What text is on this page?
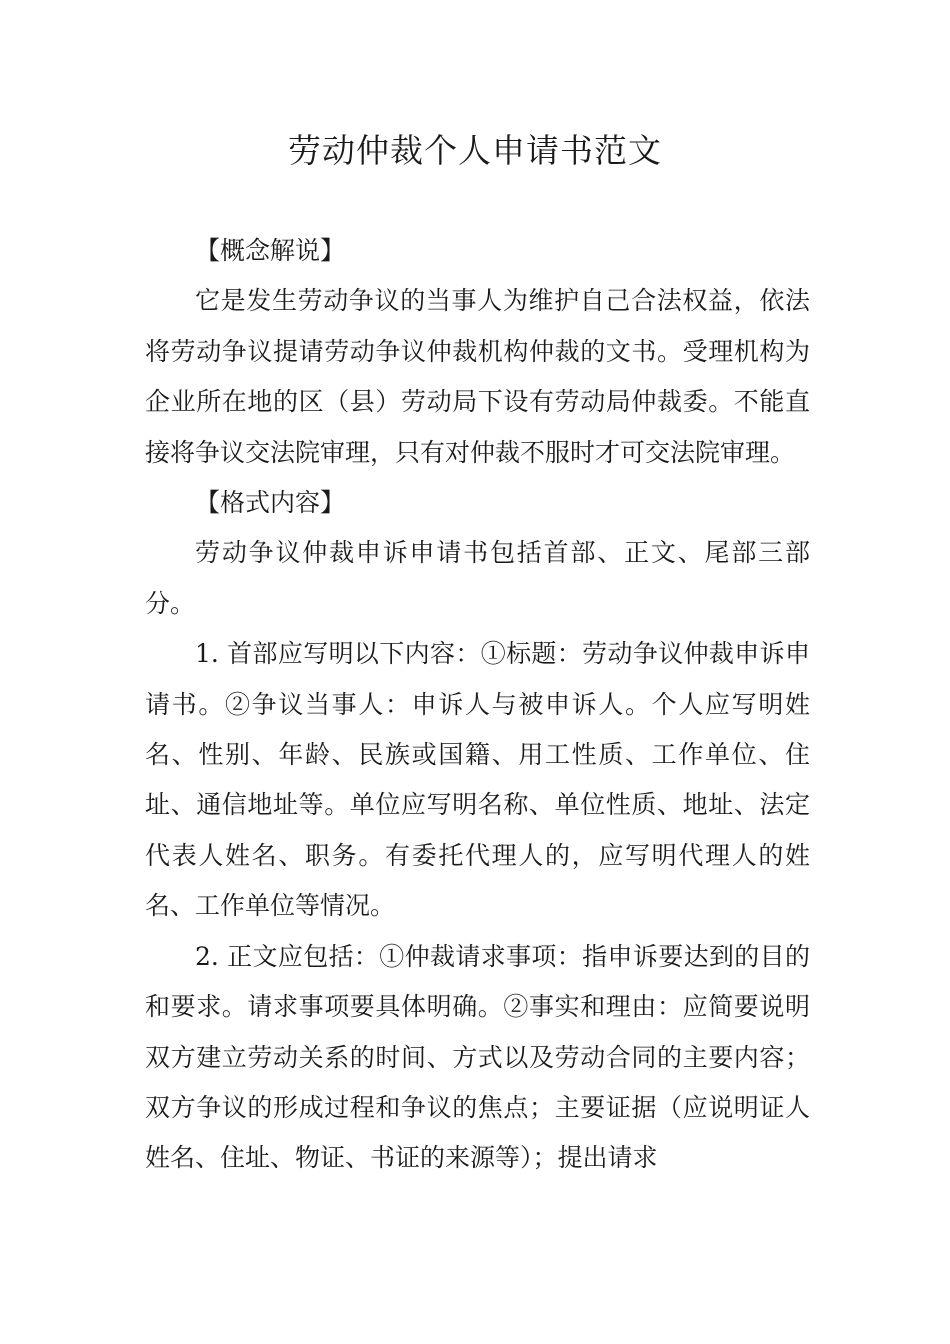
劳动仲裁个人申请书范文

【概念解说】

它是发生劳动争议的当事人为维护自己合法权益，依法将劳动争议提请劳动争议仲裁机构仲裁的文书。受理机构为企业所在地的区（县）劳动局下设有劳动局仲裁委。不能直接将争议交法院审理，只有对仲裁不服时才可交法院审理。

【格式内容】

劳动争议仲裁申诉申请书包括首部、正文、尾部三部分。

1. 首部应写明以下内容：①标题：劳动争议仲裁申诉申请书。②争议当事人：申诉人与被申诉人。个人应写明姓名、性别、年龄、民族或国籍、用工性质、工作单位、住址、通信地址等。单位应写明名称、单位性质、地址、法定代表人姓名、职务。有委托代理人的，应写明代理人的姓名、工作单位等情况。

2. 正文应包括：①仲裁请求事项：指申诉要达到的目的和要求。请求事项要具体明确。②事实和理由：应简要说明双方建立劳动关系的时间、方式以及劳动合同的主要内容；双方争议的形成过程和争议的焦点；主要证据（应说明证人姓名、住址、物证、书证的来源等）；提出请求
